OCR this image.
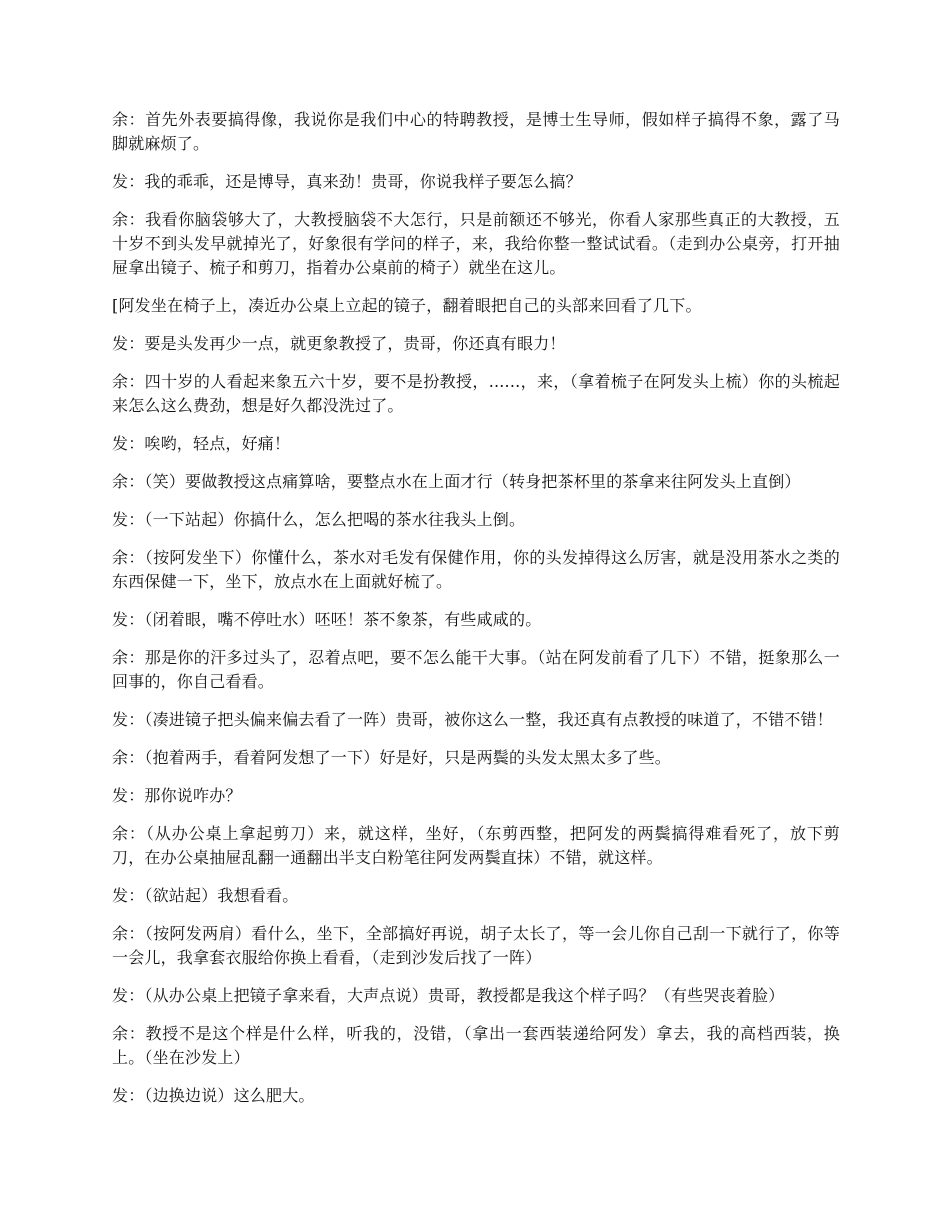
余：首先外表要搞得像，我说你是我们中心的特聘教授，是博士生导师，假如样子搞得不象，露了马脚就麻烦了。

发：我的乖乖，还是博导，真来劲！贵哥，你说我样子要怎么搞？

余：我看你脑袋够大了，大教授脑袋不大怎行，只是前额还不够光，你看人家那些真正的大教授，五十岁不到头发早就掉光了，好象很有学问的样子，来，我给你整一整试试看。（走到办公桌旁，打开抽屉拿出镜子、梳子和剪刀，指着办公桌前的椅子）就坐在这儿。

[阿发坐在椅子上，凑近办公桌上立起的镜子，翻着眼把自己的头部来回看了几下。

发：要是头发再少一点，就更象教授了，贵哥，你还真有眼力！

余：四十岁的人看起来象五六十岁，要不是扮教授，......，来，（拿着梳子在阿发头上梳）你的头梳起来怎么这么费劲，想是好久都没洗过了。

发：唉哟，轻点，好痛！

余：（笑）要做教授这点痛算啥，要整点水在上面才行（转身把茶杯里的茶拿来往阿发头上直倒）

发：（一下站起）你搞什么，怎么把喝的茶水往我头上倒。

余：（按阿发坐下）你懂什么，茶水对毛发有保健作用，你的头发掉得这么厉害，就是没用茶水之类的东西保健一下，坐下，放点水在上面就好梳了。

发：（闭着眼，嘴不停吐水）呸呸！茶不象茶，有些咸咸的。

余：那是你的汗多过头了，忍着点吧，要不怎么能干大事。（站在阿发前看了几下）不错，挺象那么一回事的，你自己看看。

发：（凑进镜子把头偏来偏去看了一阵）贵哥，被你这么一整，我还真有点教授的味道了，不错不错！

余：（抱着两手，看着阿发想了一下）好是好，只是两鬓的头发太黑太多了些。

发：那你说咋办？

余：（从办公桌上拿起剪刀）来，就这样，坐好，（东剪西整，把阿发的两鬓搞得难看死了，放下剪刀，在办公桌抽屉乱翻一通翻出半支白粉笔往阿发两鬓直抹）不错，就这样。

发：（欲站起）我想看看。

余：（按阿发两肩）看什么，坐下，全部搞好再说，胡子太长了，等一会儿你自己刮一下就行了，你等一会儿，我拿套衣服给你换上看看，（走到沙发后找了一阵）

发：（从办公桌上把镜子拿来看，大声点说）贵哥，教授都是我这个样子吗？（有些哭丧着脸）

余：教授不是这个样是什么样，听我的，没错，（拿出一套西装递给阿发）拿去，我的高档西装，换上。（坐在沙发上）

发：（边换边说）这么肥大。
